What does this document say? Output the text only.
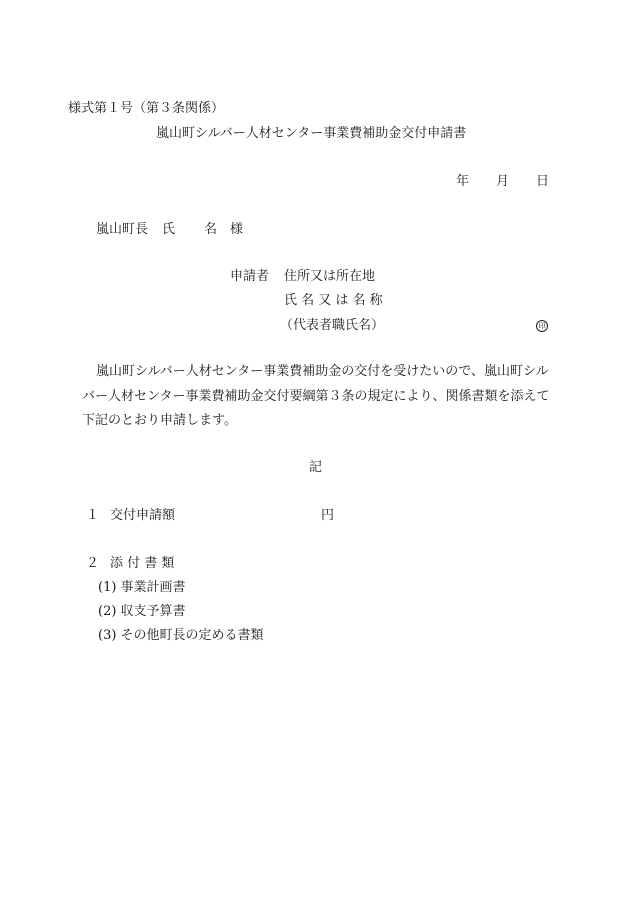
様式第１号（第３条関係）
嵐山町シルバー人材センター事業費補助金交付申請書
年 月 日
嵐山町長 氏 名 様
申請者 住所又は所在地
氏 名 又 は 名 称
（代表者職氏名）	印
嵐山町シルバー人材センター事業費補助金の交付を受けたいので、嵐山町シル
バー人材センター事業費補助金交付要綱第３条の規定により、関係書類を添えて
下記のとおり申請します。
記
１ 交付申請額	円
２ 添 付 書 類
(1) 事業計画書
(2) 収支予算書
(3) その他町長の定める書類
